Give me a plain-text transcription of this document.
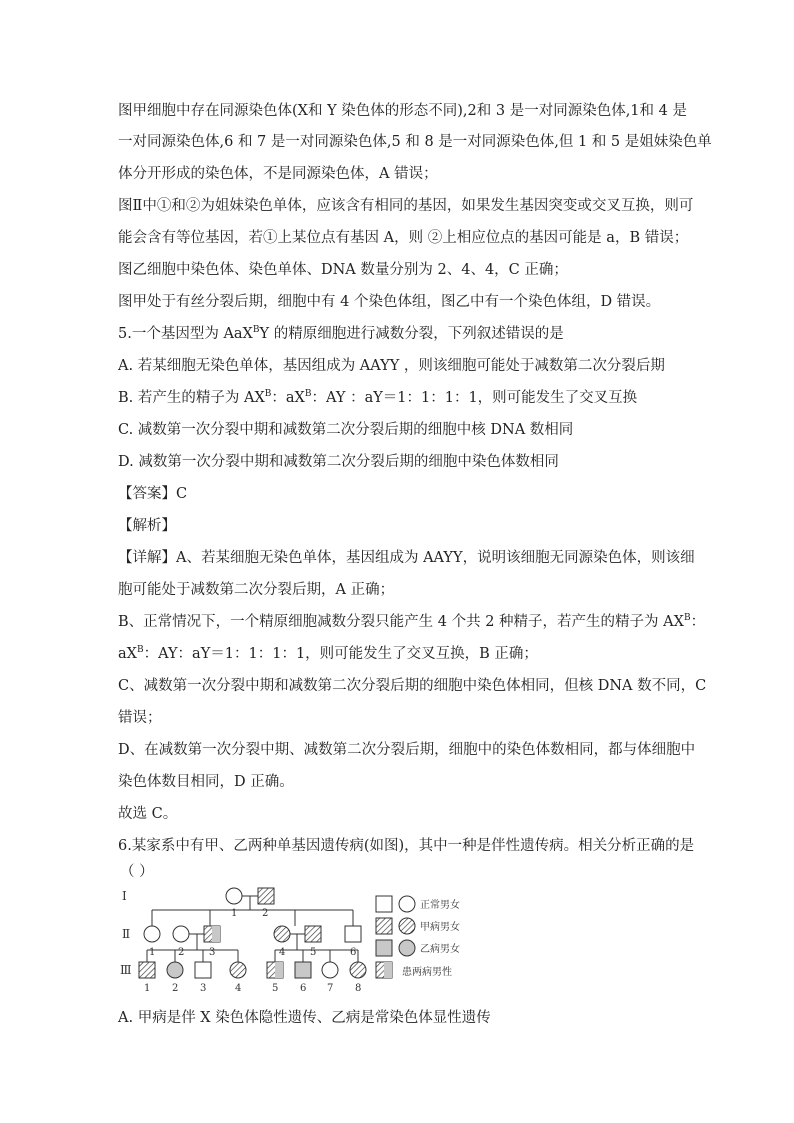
图甲细胞中存在同源染色体(X和 Y 染色体的形态不同),2和 3 是一对同源染色体,1和 4 是
一对同源染色体,6 和 7 是一对同源染色体,5 和 8 是一对同源染色体,但 1 和 5 是姐妹染色单
体分开形成的染色体，不是同源染色体，A 错误；
图Ⅱ中①和②为姐妹染色单体，应该含有相同的基因，如果发生基因突变或交叉互换，则可
能会含有等位基因，若①上某位点有基因 A，则 ②上相应位点的基因可能是 a，B 错误；
图乙细胞中染色体、染色单体、DNA 数量分别为 2、4、4，C 正确；
图甲处于有丝分裂后期，细胞中有 4 个染色体组，图乙中有一个染色体组，D 错误。
5.一个基因型为 AaX$^B$Y 的精原细胞进行减数分裂，下列叙述错误的是
A. 若某细胞无染色单体，基因组成为 AAYY ，则该细胞可能处于减数第二次分裂后期
B. 若产生的精子为 $AX^B$：$aX^B$：AY ：aY＝1：1：1：1，则可能发生了交叉互换
C. 减数第一次分裂中期和减数第二次分裂后期的细胞中核 DNA 数相同
D. 减数第一次分裂中期和减数第二次分裂后期的细胞中染色体数相同
【答案】C
【解析】
【详解】A、若某细胞无染色单体，基因组成为 AAYY，说明该细胞无同源染色体，则该细
胞可能处于减数第二次分裂后期，A 正确；
B、正常情况下，一个精原细胞减数分裂只能产生 4 个共 2 种精子，若产生的精子为 $AX^B$：
$aX^B$：AY：aY＝1：1：1：1，则可能发生了交叉互换，B 正确；
C、减数第一次分裂中期和减数第二次分裂后期的细胞中染色体相同，但核 DNA 数不同，C
错误；
D、在减数第一次分裂中期、减数第二次分裂后期，细胞中的染色体数相同，都与体细胞中
染色体数目相同，D 正确。
故选 C。
6.某家系中有甲、乙两种单基因遗传病(如图)，其中一种是伴性遗传病。相关分析正确的是
（ ）
Ⅰ
Ⅱ
Ⅲ
1 2
1 2 3	4 5	6
1 2 3	4	5 6 7 8
正常男女
甲病男女
乙病男女
患两病男性
A. 甲病是伴 X 染色体隐性遗传、乙病是常染色体显性遗传
